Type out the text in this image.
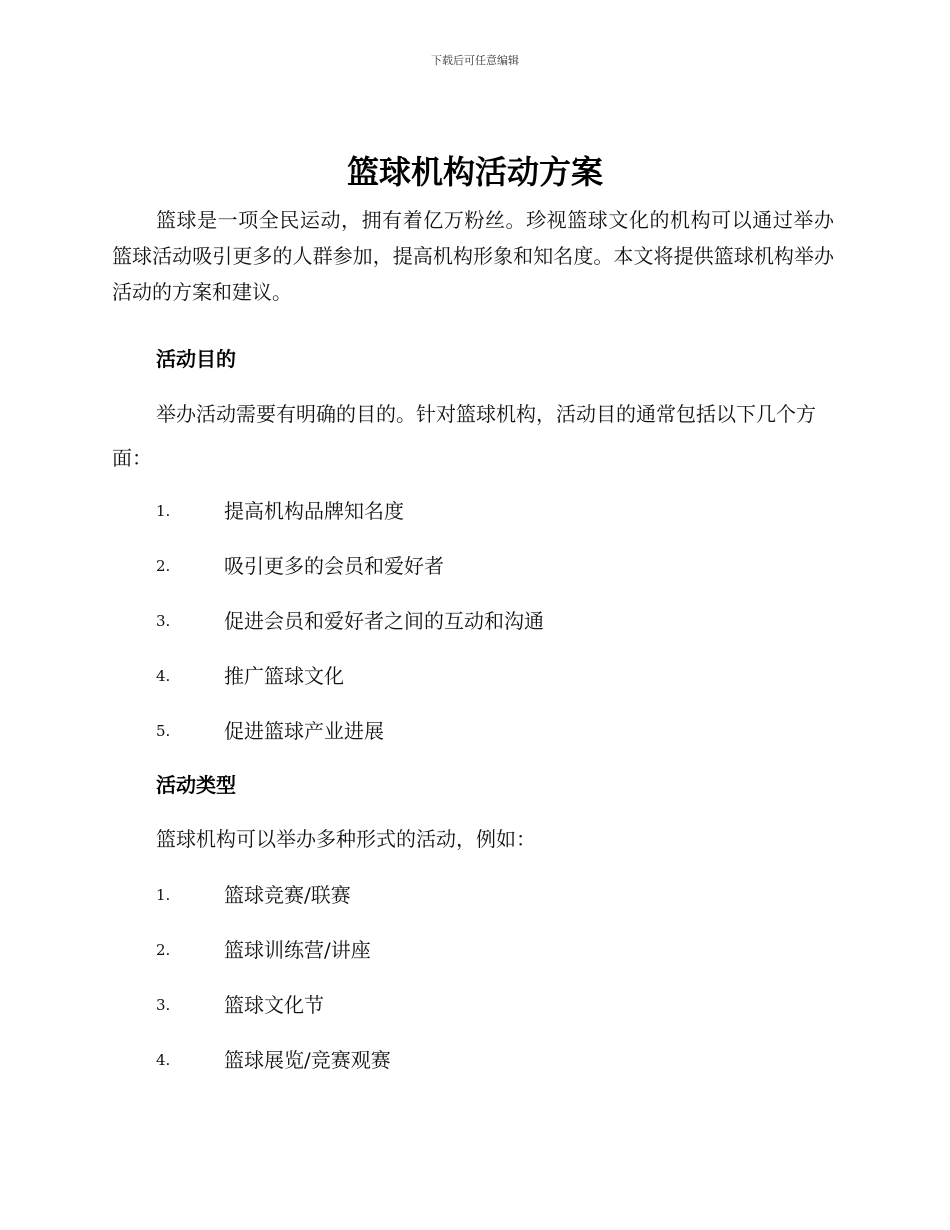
下载后可任意编辑
篮球机构活动方案

篮球是一项全民运动，拥有着亿万粉丝。珍视篮球文化的机构可以通过举办篮球活动吸引更多的人群参加，提高机构形象和知名度。本文将提供篮球机构举办活动的方案和建议。

活动目的

举办活动需要有明确的目的。针对篮球机构，活动目的通常包括以下几个方面：

1.	提高机构品牌知名度
2.	吸引更多的会员和爱好者
3.	促进会员和爱好者之间的互动和沟通
4.	推广篮球文化
5.	促进篮球产业进展
活动类型

篮球机构可以举办多种形式的活动，例如：

1.	篮球竞赛/联赛
2.	篮球训练营/讲座
3.	篮球文化节
4.	篮球展览/竞赛观赛
